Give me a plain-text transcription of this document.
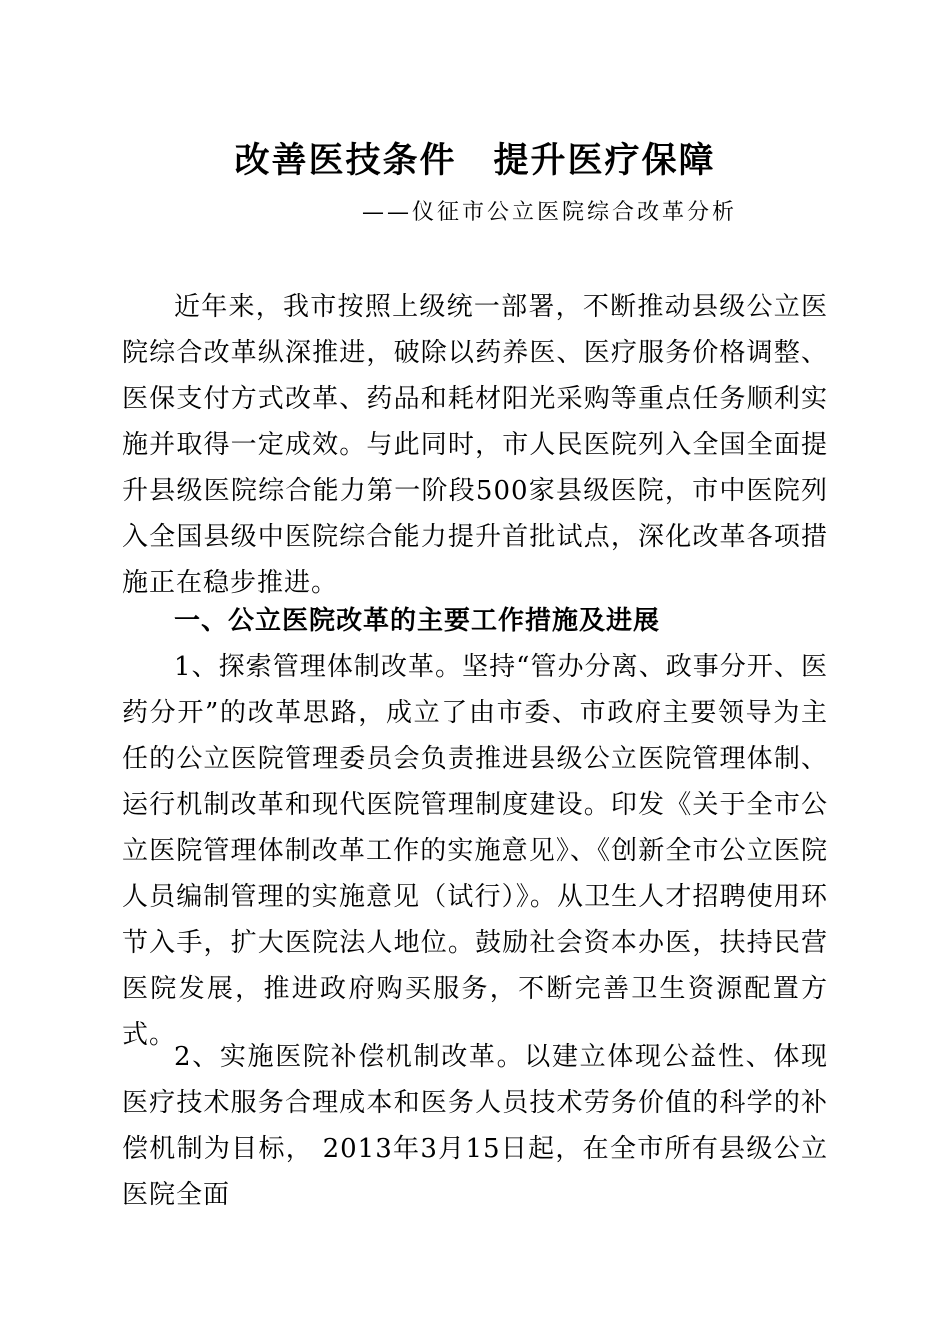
改善医技条件　提升医疗保障
——仪征市公立医院综合改革分析

近年来，我市按照上级统一部署，不断推动县级公立医院综合改革纵深推进，破除以药养医、医疗服务价格调整、医保支付方式改革、药品和耗材阳光采购等重点任务顺利实施并取得一定成效。与此同时，市人民医院列入全国全面提升县级医院综合能力第一阶段500家县级医院，市中医院列入全国县级中医院综合能力提升首批试点，深化改革各项措施正在稳步推进。

一、公立医院改革的主要工作措施及进展

1、探索管理体制改革。坚持“管办分离、政事分开、医药分开”的改革思路，成立了由市委、市政府主要领导为主任的公立医院管理委员会负责推进县级公立医院管理体制、运行机制改革和现代医院管理制度建设。印发《关于全市公立医院管理体制改革工作的实施意见》、《创新全市公立医院人员编制管理的实施意见（试行）》。从卫生人才招聘使用环节入手，扩大医院法人地位。鼓励社会资本办医，扶持民营医院发展，推进政府购买服务，不断完善卫生资源配置方式。

2、实施医院补偿机制改革。以建立体现公益性、体现医疗技术服务合理成本和医务人员技术劳务价值的科学的补偿机制为目标， 2013年3月15日起，在全市所有县级公立医院全面
